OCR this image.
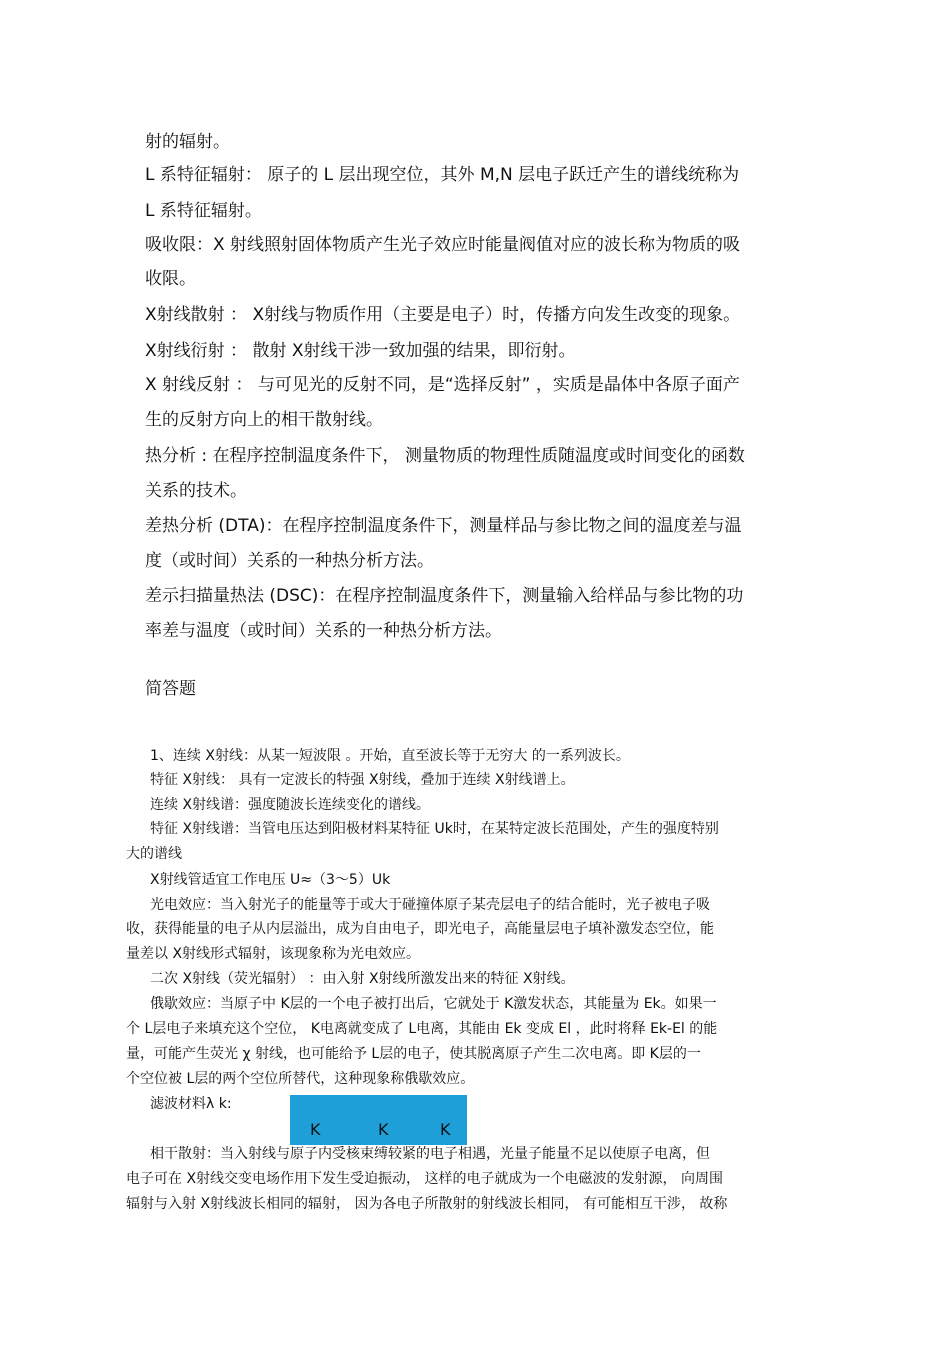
射的辐射。
L 系特征辐射： 原子的 L 层出现空位，其外 M,N 层电子跃迁产生的谱线统称为
L 系特征辐射。
吸收限：X 射线照射固体物质产生光子效应时能量阀值对应的波长称为物质的吸
收限。
X射线散射 ： X射线与物质作用（主要是电子）时，传播方向发生改变的现象。
X射线衍射 ： 散射 X射线干涉一致加强的结果，即衍射。
X 射线反射 ： 与可见光的反射不同，是“选择反射” ，实质是晶体中各原子面产
生的反射方向上的相干散射线。
热分析 : 在程序控制温度条件下， 测量物质的物理性质随温度或时间变化的函数
关系的技术。
差热分析 (DTA)：在程序控制温度条件下，测量样品与参比物之间的温度差与温
度（或时间）关系的一种热分析方法。
差示扫描量热法 (DSC)：在程序控制温度条件下，测量输入给样品与参比物的功
率差与温度（或时间）关系的一种热分析方法。
简答题
1、连续 X射线：从某一短波限 。开始，直至波长等于无穷大 的一系列波长。
特征 X射线： 具有一定波长的特强 X射线，叠加于连续 X射线谱上。
连续 X射线谱：强度随波长连续变化的谱线。
特征 X射线谱：当管电压达到阳极材料某特征 Uk时，在某特定波长范围处，产生的强度特别
大的谱线
X射线管适宜工作电压 U≈（3～5）Uk
光电效应：当入射光子的能量等于或大于碰撞体原子某壳层电子的结合能时，光子被电子吸
收，获得能量的电子从内层溢出，成为自由电子，即光电子，高能量层电子填补激发态空位，能
量差以 X射线形式辐射，该现象称为光电效应。
二次 X射线（荧光辐射） ：由入射 X射线所激发出来的特征 X射线。
俄歇效应：当原子中 K层的一个电子被打出后，它就处于 K激发状态，其能量为 Ek。如果一
个 L层电子来填充这个空位， K电离就变成了 L电离，其能由 Ek 变成 El ，此时将释 Ek-El 的能
量，可能产生荧光 χ 射线，也可能给予 L层的电子，使其脱离原子产生二次电离。即 K层的一
个空位被 L层的两个空位所替代，这种现象称俄歇效应。
滤波材料λ k:
K	K	K
相干散射：当入射线与原子内受核束缚较紧的电子相遇，光量子能量不足以使原子电离，但
电子可在 X射线交变电场作用下发生受迫振动， 这样的电子就成为一个电磁波的发射源， 向周围
辐射与入射 X射线波长相同的辐射， 因为各电子所散射的射线波长相同， 有可能相互干涉， 故称
